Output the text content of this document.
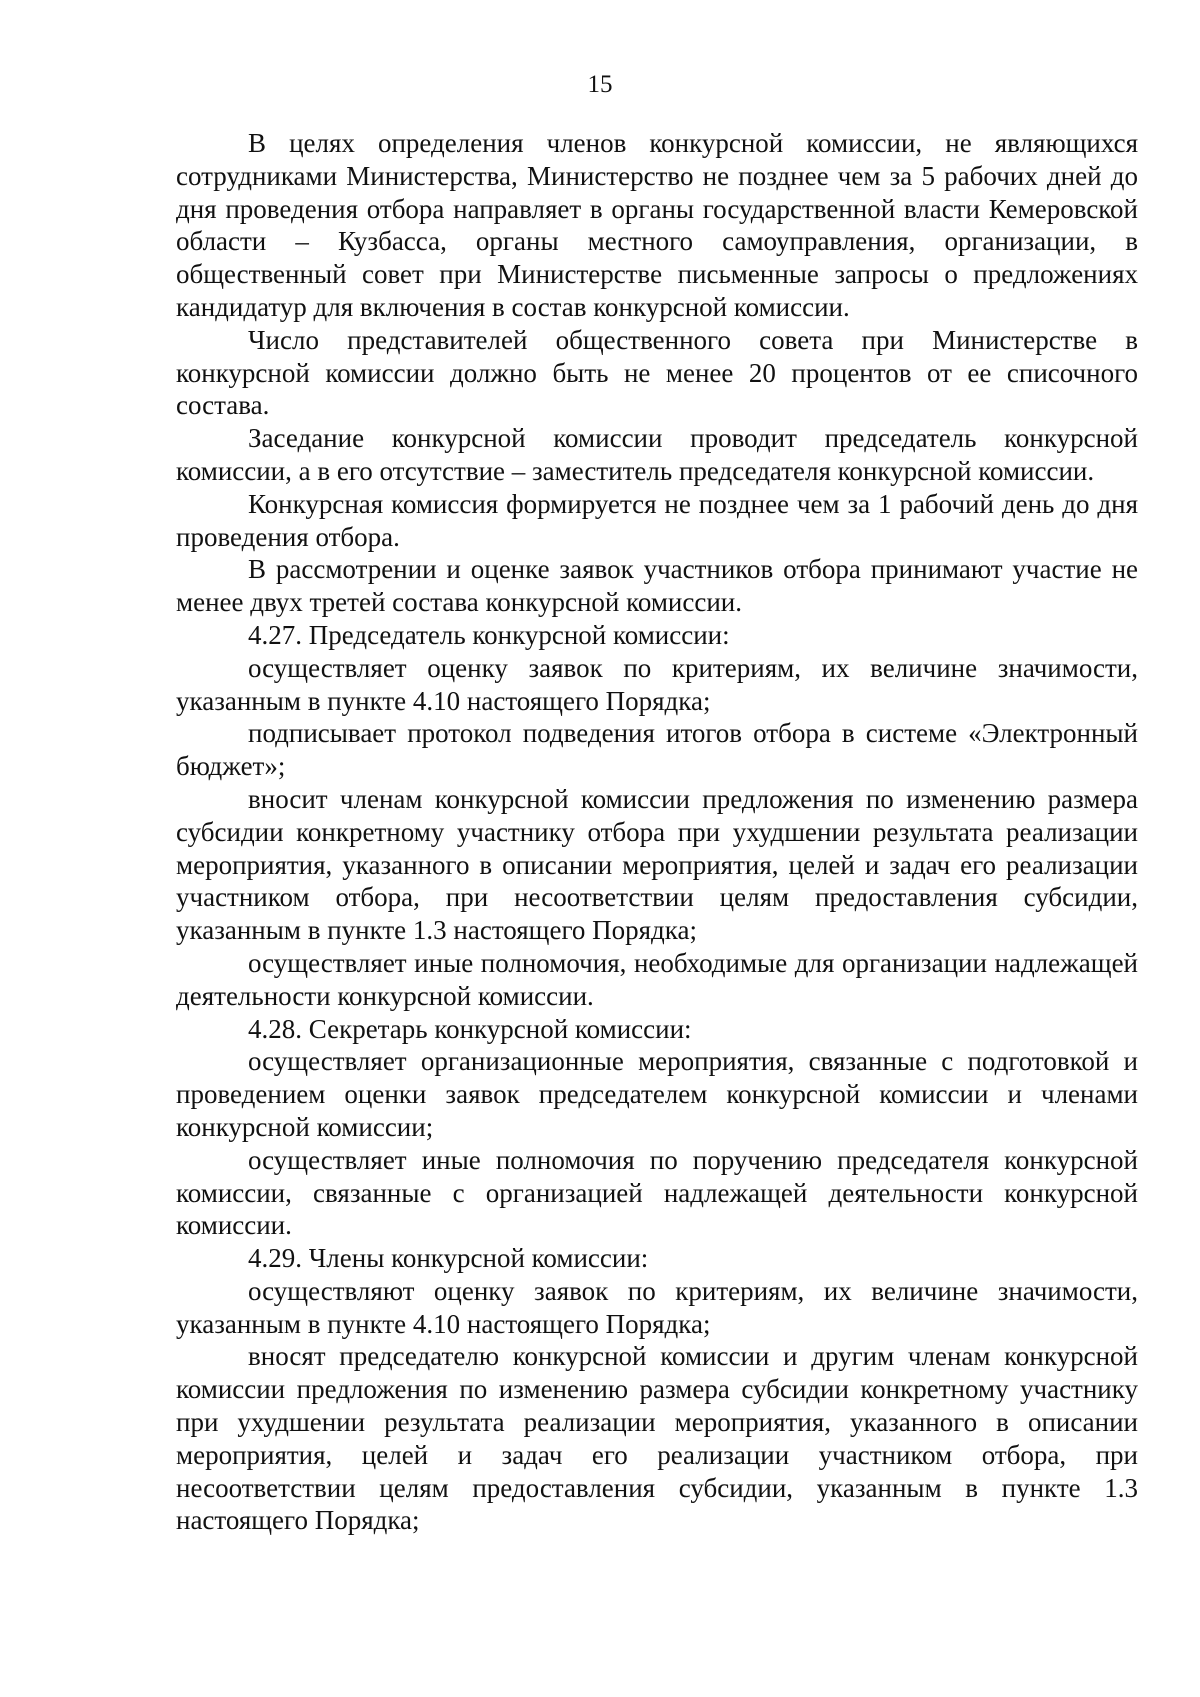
15

В целях определения членов конкурсной комиссии, не являющихся сотрудниками Министерства, Министерство не позднее чем за 5 рабочих дней до дня проведения отбора направляет в органы государственной власти Кемеровской области – Кузбасса, органы местного самоуправления, организации, в общественный совет при Министерстве письменные запросы о предложениях кандидатур для включения в состав конкурсной комиссии.

Число представителей общественного совета при Министерстве в конкурсной комиссии должно быть не менее 20 процентов от ее списочного состава.

Заседание конкурсной комиссии проводит председатель конкурсной комиссии, а в его отсутствие – заместитель председателя конкурсной комиссии.

Конкурсная комиссия формируется не позднее чем за 1 рабочий день до дня проведения отбора.

В рассмотрении и оценке заявок участников отбора принимают участие не менее двух третей состава конкурсной комиссии.

4.27. Председатель конкурсной комиссии:

осуществляет оценку заявок по критериям, их величине значимости, указанным в пункте 4.10 настоящего Порядка;

подписывает протокол подведения итогов отбора в системе «Электронный бюджет»;

вносит членам конкурсной комиссии предложения по изменению размера субсидии конкретному участнику отбора при ухудшении результата реализации мероприятия, указанного в описании мероприятия, целей и задач его реализации участником отбора, при несоответствии целям предоставления субсидии, указанным в пункте 1.3 настоящего Порядка;

осуществляет иные полномочия, необходимые для организации надлежащей деятельности конкурсной комиссии.

4.28. Секретарь конкурсной комиссии:

осуществляет организационные мероприятия, связанные с подготовкой и проведением оценки заявок председателем конкурсной комиссии и членами конкурсной комиссии;

осуществляет иные полномочия по поручению председателя конкурсной комиссии, связанные с организацией надлежащей деятельности конкурсной комиссии.

4.29. Члены конкурсной комиссии:

осуществляют оценку заявок по критериям, их величине значимости, указанным в пункте 4.10 настоящего Порядка;

вносят председателю конкурсной комиссии и другим членам конкурсной комиссии предложения по изменению размера субсидии конкретному участнику при ухудшении результата реализации мероприятия, указанного в описании мероприятия, целей и задач его реализации участником отбора, при несоответствии целям предоставления субсидии, указанным в пункте 1.3 настоящего Порядка;
